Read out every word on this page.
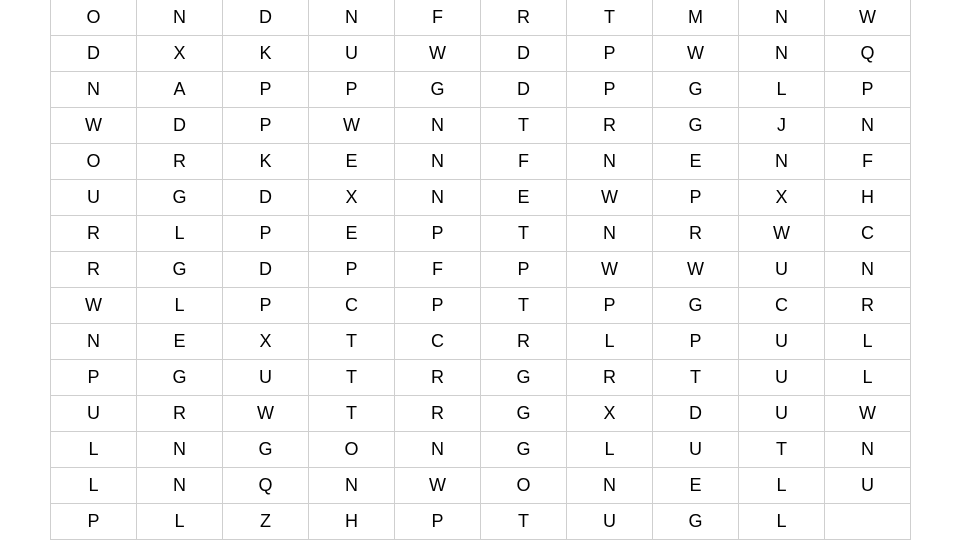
O	N	D	N	F	R	T	M	N	W
D	X	K	U	W	D	P	W	N	Q
N	A	P	P	G	D	P	G	L	P
W	D	P	W	N	T	R	G	J	N
O	R	K	E	N	F	N	E	N	F
U	G	D	X	N	E	W	P	X	H
R	L	P	E	P	T	N	R	W	C
R	G	D	P	F	P	W	W	U	N
W	L	P	C	P	T	P	G	C	R
N	E	X	T	C	R	L	P	U	L
P	G	U	T	R	G	R	T	U	L
U	R	W	T	R	G	X	D	U	W
L	N	G	O	N	G	L	U	T	N
L	N	Q	N	W	O	N	E	L	U
P	L	Z	H	P	T	U	G	L
